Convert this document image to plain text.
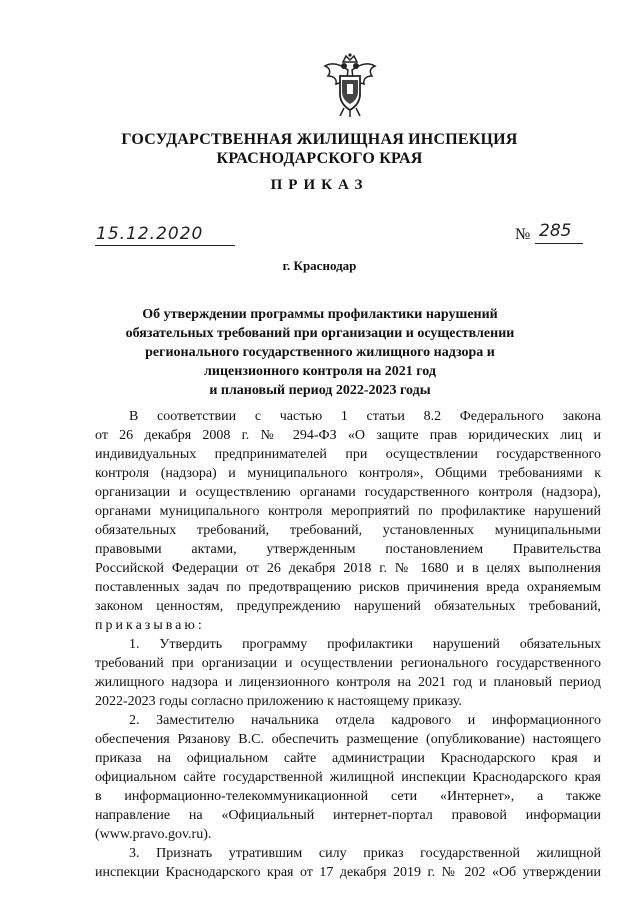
ГОСУДАРСТВЕННАЯ ЖИЛИЩНАЯ ИНСПЕКЦИЯ
КРАСНОДАРСКОГО КРАЯ
ПРИКАЗ
15.12.2020	№ 285
г. Краснодар
Об утверждении программы профилактики нарушений
обязательных требований при организации и осуществлении
регионального государственного жилищного надзора и
лицензионного контроля на 2021 год
и плановый период 2022-2023 годы
В соответствии с частью 1 статьи 8.2 Федерального закона
от 26 декабря 2008 г. № 294-ФЗ «О защите прав юридических лиц и
индивидуальных предпринимателей при осуществлении государственного
контроля (надзора) и муниципального контроля», Общими требованиями к
организации и осуществлению органами государственного контроля (надзора),
органами муниципального контроля мероприятий по профилактике нарушений
обязательных требований, требований, установленных муниципальными
правовыми актами, утвержденным постановлением Правительства
Российской Федерации от 26 декабря 2018 г. № 1680 и в целях выполнения
поставленных задач по предотвращению рисков причинения вреда охраняемым
законом ценностям, предупреждению нарушений обязательных требований,
приказываю:
1. Утвердить программу профилактики нарушений обязательных
требований при организации и осуществлении регионального государственного
жилищного надзора и лицензионного контроля на 2021 год и плановый период
2022-2023 годы согласно приложению к настоящему приказу.
2. Заместителю начальника отдела кадрового и информационного
обеспечения Рязанову В.С. обеспечить размещение (опубликование) настоящего
приказа на официальном сайте администрации Краснодарского края и
официальном сайте государственной жилищной инспекции Краснодарского края
в информационно-телекоммуникационной сети «Интернет», а также
направление на «Официальный интернет-портал правовой информации
(www.pravo.gov.ru).
3. Признать утратившим силу приказ государственной жилищной
инспекции Краснодарского края от 17 декабря 2019 г. № 202 «Об утверждении
